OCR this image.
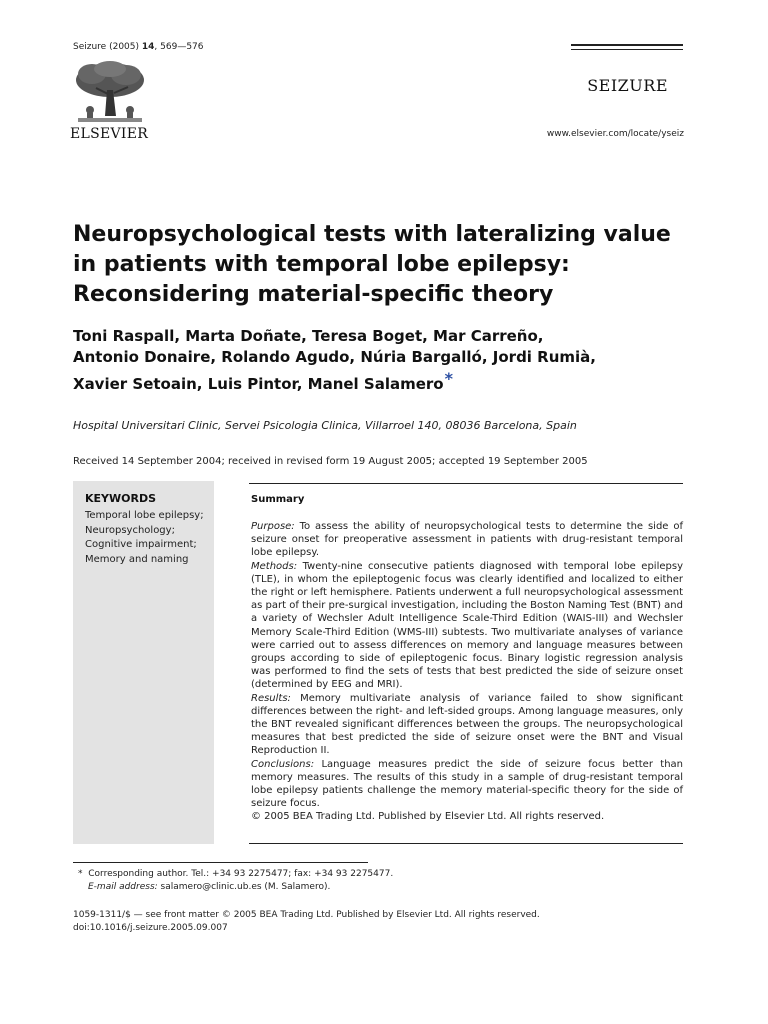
Seizure (2005) 14, 569—576
ELSEVIER
SEIZURE
www.elsevier.com/locate/yseiz
Neuropsychological tests with lateralizing value
in patients with temporal lobe epilepsy:
Reconsidering material-specific theory
Toni Raspall, Marta Doñate, Teresa Boget, Mar Carreño,
Antonio Donaire, Rolando Agudo, Núria Bargalló, Jordi Rumià,
Xavier Setoain, Luis Pintor, Manel Salamero*
Hospital Universitari Clinic, Servei Psicologia Clinica, Villarroel 140, 08036 Barcelona, Spain
Received 14 September 2004; received in revised form 19 August 2005; accepted 19 September 2005
KEYWORDS
Temporal lobe epilepsy;
Neuropsychology;
Cognitive impairment;
Memory and naming
Summary
Purpose: To assess the ability of neuropsychological tests to determine the side of seizure onset for preoperative assessment in patients with drug-resistant temporal lobe epilepsy.
Methods: Twenty-nine consecutive patients diagnosed with temporal lobe epilepsy (TLE), in whom the epileptogenic focus was clearly identified and localized to either the right or left hemisphere. Patients underwent a full neuropsychological assessment as part of their pre-surgical investigation, including the Boston Naming Test (BNT) and a variety of Wechsler Adult Intelligence Scale-Third Edition (WAIS-III) and Wechsler Memory Scale-Third Edition (WMS-III) subtests. Two multivariate analyses of variance were carried out to assess differences on memory and language measures between groups according to side of epileptogenic focus. Binary logistic regression analysis was performed to find the sets of tests that best predicted the side of seizure onset (determined by EEG and MRI).
Results: Memory multivariate analysis of variance failed to show significant differences between the right- and left-sided groups. Among language measures, only the BNT revealed significant differences between the groups. The neuropsychological measures that best predicted the side of seizure onset were the BNT and Visual Reproduction II.
Conclusions: Language measures predict the side of seizure focus better than memory measures. The results of this study in a sample of drug-resistant temporal lobe epilepsy patients challenge the memory material-specific theory for the side of seizure focus.
© 2005 BEA Trading Ltd. Published by Elsevier Ltd. All rights reserved.
* Corresponding author. Tel.: +34 93 2275477; fax: +34 93 2275477.
E-mail address: salamero@clinic.ub.es (M. Salamero).
1059-1311/$ — see front matter © 2005 BEA Trading Ltd. Published by Elsevier Ltd. All rights reserved.
doi:10.1016/j.seizure.2005.09.007
